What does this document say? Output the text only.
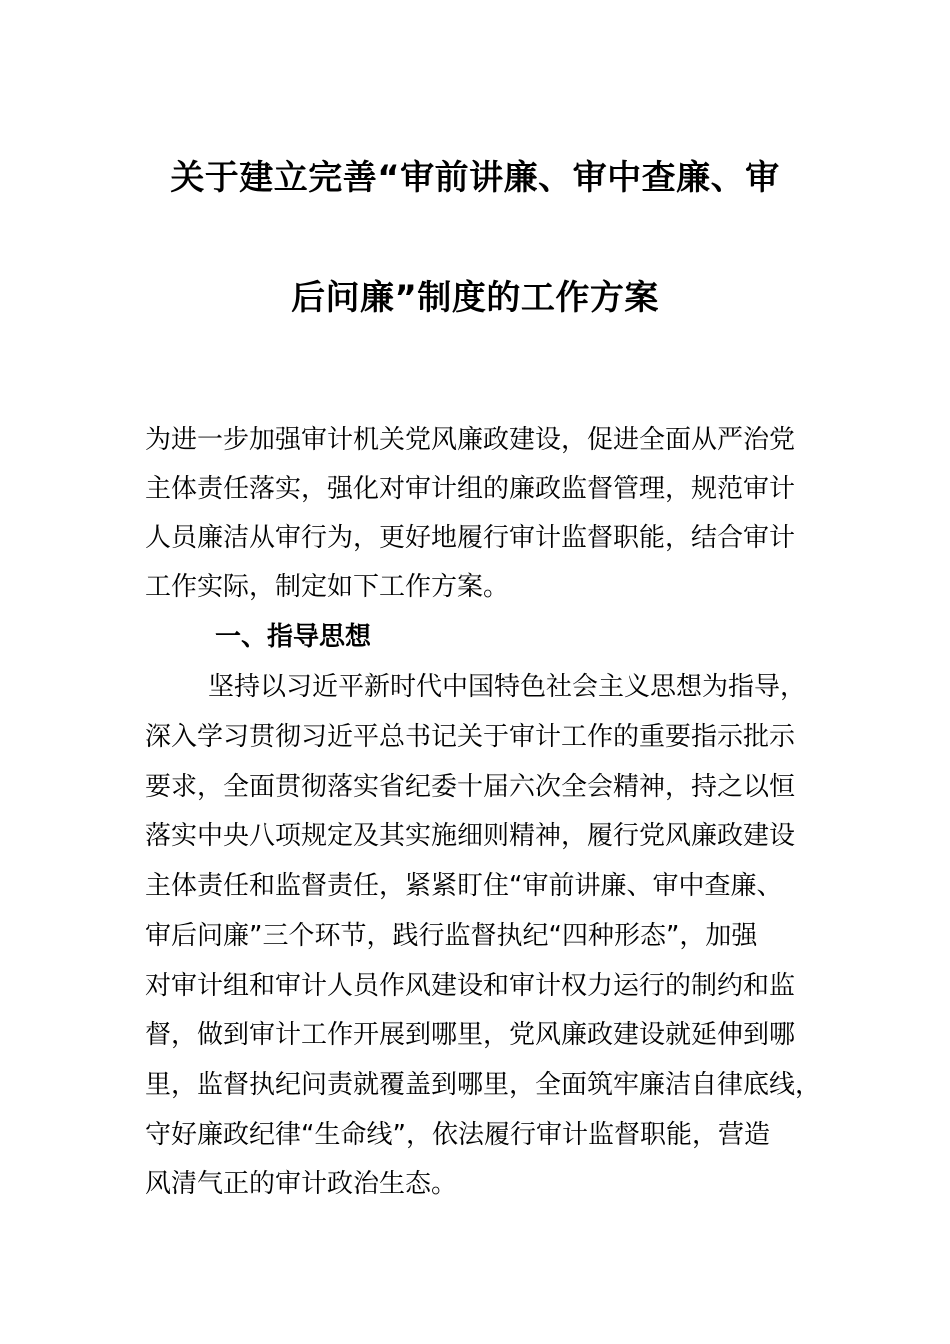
关于建立完善“审前讲廉、审中查廉、审
后问廉”制度的工作方案
为进一步加强审计机关党风廉政建设，促进全面从严治党
主体责任落实，强化对审计组的廉政监督管理，规范审计
人员廉洁从审行为，更好地履行审计监督职能，结合审计
工作实际，制定如下工作方案。
一、指导思想
坚持以习近平新时代中国特色社会主义思想为指导，
深入学习贯彻习近平总书记关于审计工作的重要指示批示
要求，全面贯彻落实省纪委十届六次全会精神，持之以恒
落实中央八项规定及其实施细则精神，履行党风廉政建设
主体责任和监督责任，紧紧盯住“审前讲廉、审中查廉、
审后问廉”三个环节，践行监督执纪“四种形态”，加强
对审计组和审计人员作风建设和审计权力运行的制约和监
督，做到审计工作开展到哪里，党风廉政建设就延伸到哪
里，监督执纪问责就覆盖到哪里，全面筑牢廉洁自律底线，
守好廉政纪律“生命线”，依法履行审计监督职能，营造
风清气正的审计政治生态。
